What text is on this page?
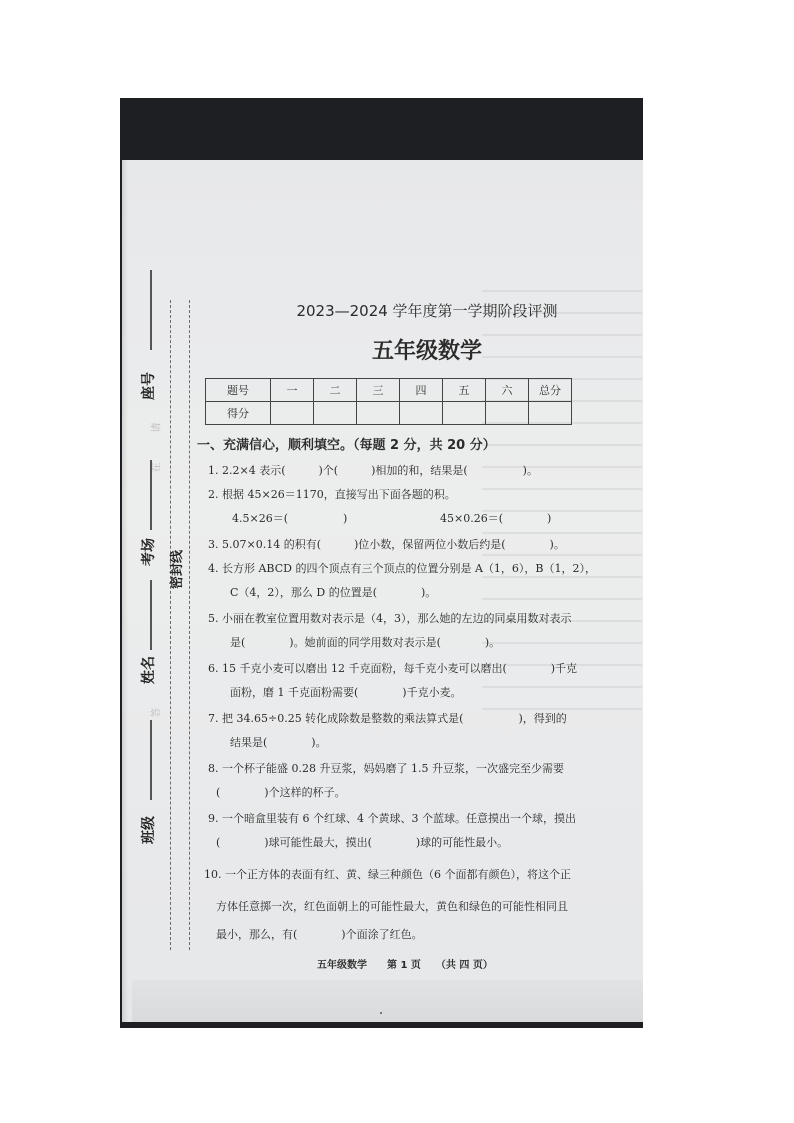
座号
请
在
考场	密封线
姓名
答
班级
2023—2024 学年度第一学期阶段评测
五年级数学
题号	一	二	三	四	五	六	总分
得分							
一、充满信心，顺利填空。（每题 2 分，共 20 分）
1. 2.2×4 表示(　　　)个(　　　)相加的和，结果是(　　　　　)。
2. 根据 45×26＝1170，直接写出下面各题的积。
4.5×26＝(　　　　　)	45×0.26＝(　　　　)
3. 5.07×0.14 的积有(　　　)位小数，保留两位小数后约是(　　　　)。
4. 长方形 ABCD 的四个顶点有三个顶点的位置分别是 A（1，6），B（1，2），
C（4，2），那么 D 的位置是(　　　　)。
5. 小丽在教室位置用数对表示是（4，3），那么她的左边的同桌用数对表示
是(　　　　)。她前面的同学用数对表示是(　　　　)。
6. 15 千克小麦可以磨出 12 千克面粉，每千克小麦可以磨出(　　　　)千克
面粉，磨 1 千克面粉需要(　　　　)千克小麦。
7. 把 34.65÷0.25 转化成除数是整数的乘法算式是(　　　　　)，得到的
结果是(　　　　)。
8. 一个杯子能盛 0.28 升豆浆，妈妈磨了 1.5 升豆浆，一次盛完至少需要
(　　　　)个这样的杯子。
9. 一个暗盒里装有 6 个红球、4 个黄球、3 个蓝球。任意摸出一个球，摸出
(　　　　)球可能性最大，摸出(　　　　)球的可能性最小。
10. 一个正方体的表面有红、黄、绿三种颜色（6 个面都有颜色），将这个正
方体任意掷一次，红色面朝上的可能性最大，黄色和绿色的可能性相同且
最小，那么，有(　　　　)个面涂了红色。
五年级数学　　第 1 页　　（共 四 页）
